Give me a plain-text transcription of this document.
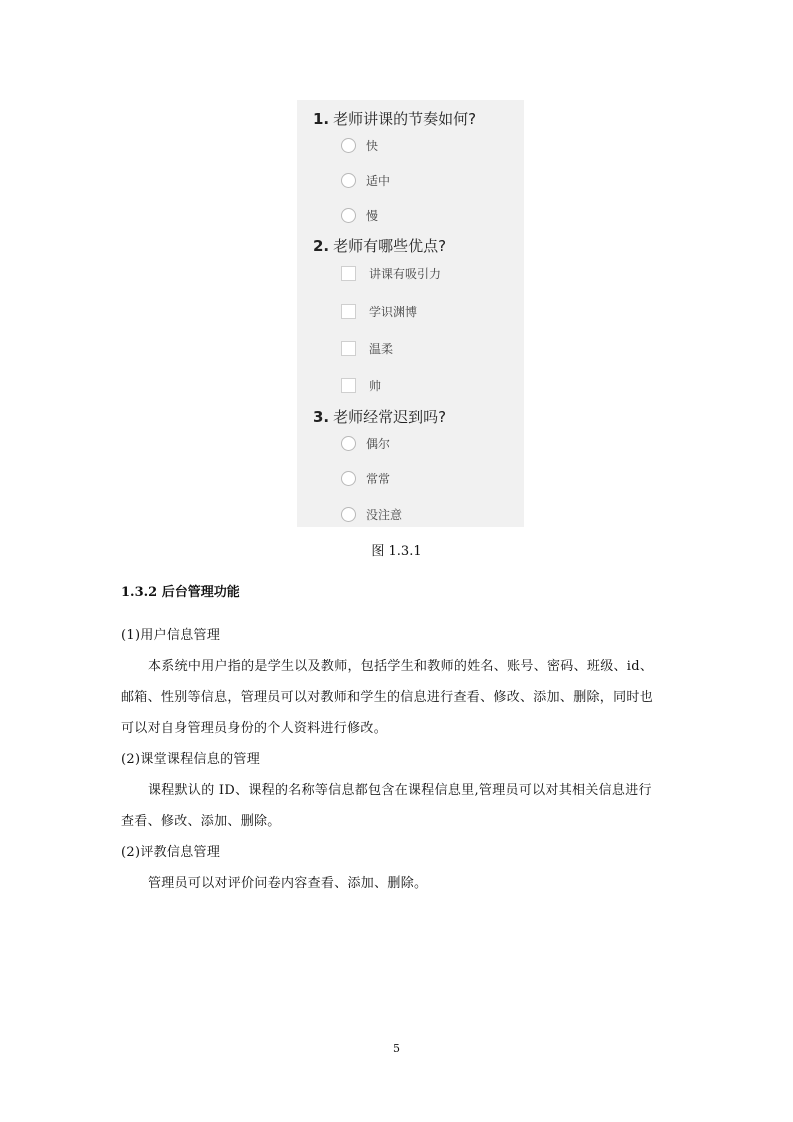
1. 老师讲课的节奏如何?
快
适中
慢
2. 老师有哪些优点?
讲课有吸引力
学识渊博
温柔
帅
3. 老师经常迟到吗?
偶尔
常常
没注意
图 1.3.1
1.3.2 后台管理功能
(1)用户信息管理
本系统中用户指的是学生以及教师，包括学生和教师的姓名、账号、密码、班级、id、
邮箱、性别等信息，管理员可以对教师和学生的信息进行查看、修改、添加、删除，同时也
可以对自身管理员身份的个人资料进行修改。
(2)课堂课程信息的管理
课程默认的 ID、课程的名称等信息都包含在课程信息里,管理员可以对其相关信息进行
查看、修改、添加、删除。
(2)评教信息管理
管理员可以对评价问卷内容查看、添加、删除。
5
